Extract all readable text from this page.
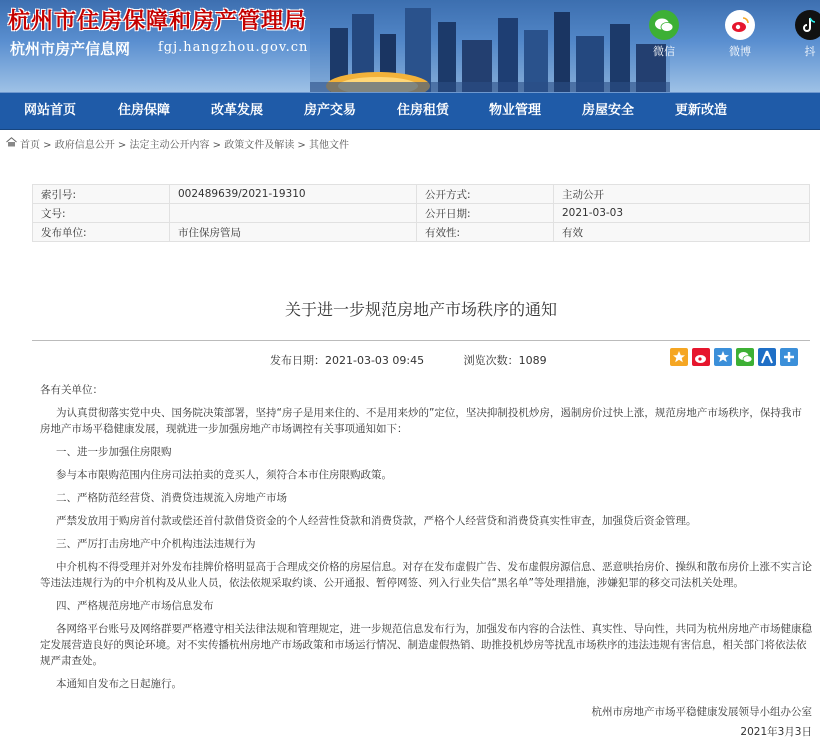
杭州市住房保障和房产管理局
杭州市房产信息网 fgj.hangzhou.gov.cn	微信	微博	抖
网站首页	住房保障	改革发展	房产交易	住房租赁	物业管理	房屋安全	更新改造
首页 > 政府信息公开 > 法定主动公开内容 > 政策文件及解读 > 其他文件
索引号:	002489639/2021-19310	公开方式:	主动公开
文号:		公开日期:	2021-03-03
发布单位:	市住保房管局	有效性:	有效
关于进一步规范房地产市场秩序的通知
发布日期：2021-03-03 09:45	浏览次数：1089

各有关单位：

为认真贯彻落实党中央、国务院决策部署，坚持“房子是用来住的、不是用来炒的”定位，坚决抑制投机炒房，遏制房价过快上涨，规范房地产市场秩序，保持我市房地产市场平稳健康发展，现就进一步加强房地产市场调控有关事项通知如下：

一、进一步加强住房限购

参与本市限购范围内住房司法拍卖的竞买人，须符合本市住房限购政策。

二、严格防范经营贷、消费贷违规流入房地产市场

严禁发放用于购房首付款或偿还首付款借贷资金的个人经营性贷款和消费贷款，严格个人经营贷和消费贷真实性审查，加强贷后资金管理。

三、严厉打击房地产中介机构违法违规行为

中介机构不得受理并对外发布挂牌价格明显高于合理成交价格的房屋信息。对存在发布虚假广告、发布虚假房源信息、恶意哄抬房价、操纵和散布房价上涨不实言论等违法违规行为的中介机构及从业人员，依法依规采取约谈、公开通报、暂停网签、列入行业失信“黑名单”等处理措施，涉嫌犯罪的移交司法机关处理。

四、严格规范房地产市场信息发布

各网络平台账号及网络群要严格遵守相关法律法规和管理规定，进一步规范信息发布行为，加强发布内容的合法性、真实性、导向性，共同为杭州房地产市场健康稳定发展营造良好的舆论环境。对不实传播杭州房地产市场政策和市场运行情况、制造虚假热销、助推投机炒房等扰乱市场秩序的违法违规有害信息，相关部门将依法依规严肃查处。

本通知自发布之日起施行。

杭州市房地产市场平稳健康发展领导小组办公室
2021年3月3日
